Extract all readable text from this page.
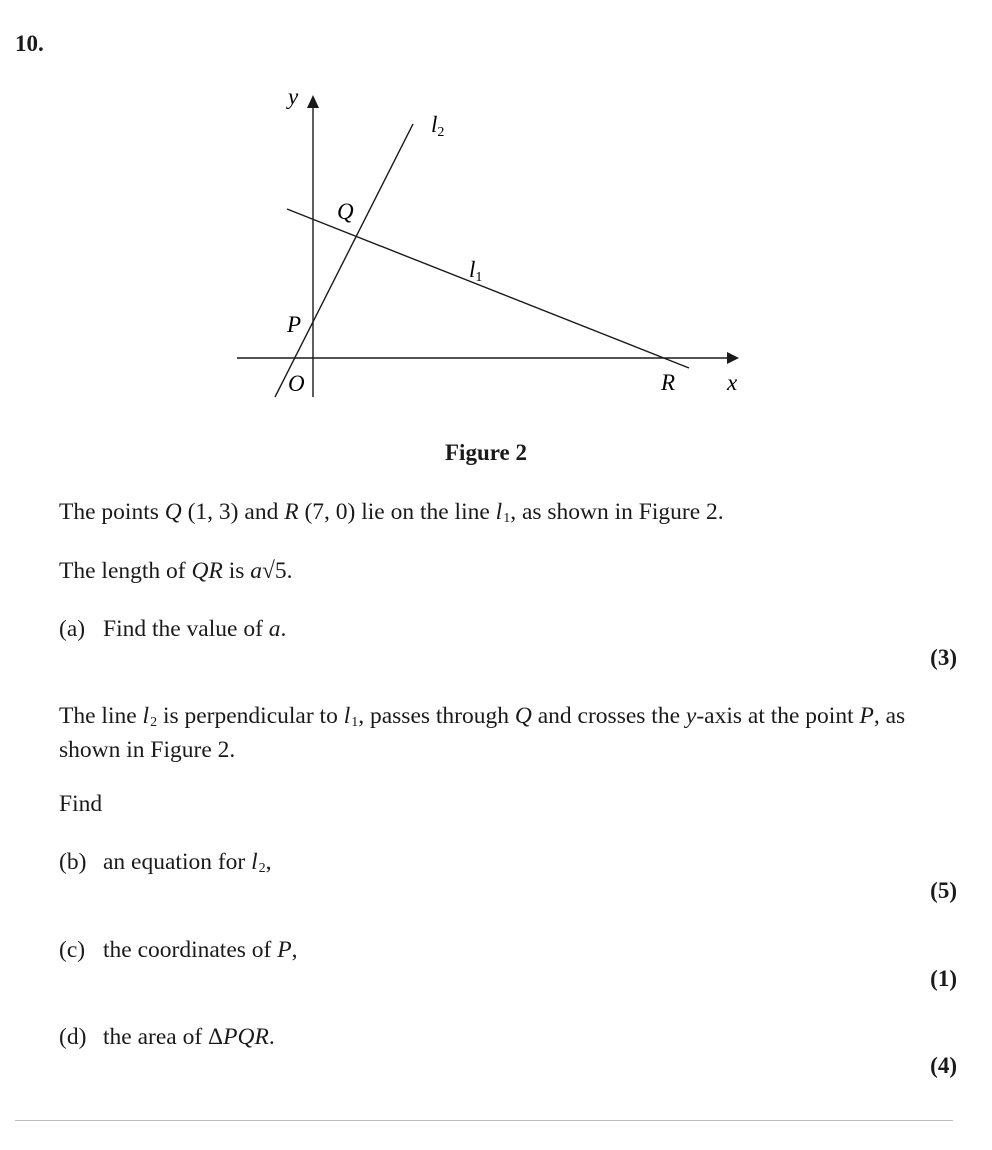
10.
y
x
O
Q
P
R
l2
l1
Figure 2
The points Q (1, 3) and R (7, 0) lie on the line $l_1$, as shown in Figure 2.
The length of QR is a√5.
(a) Find the value of a.
(3)
The line $l_2$ is perpendicular to $l_1$, passes through Q and crosses the y-axis at the point P, as
shown in Figure 2.
Find
(b) an equation for $l_2$,
(5)
(c) the coordinates of P,
(1)
(d) the area of ΔPQR.
(4)
